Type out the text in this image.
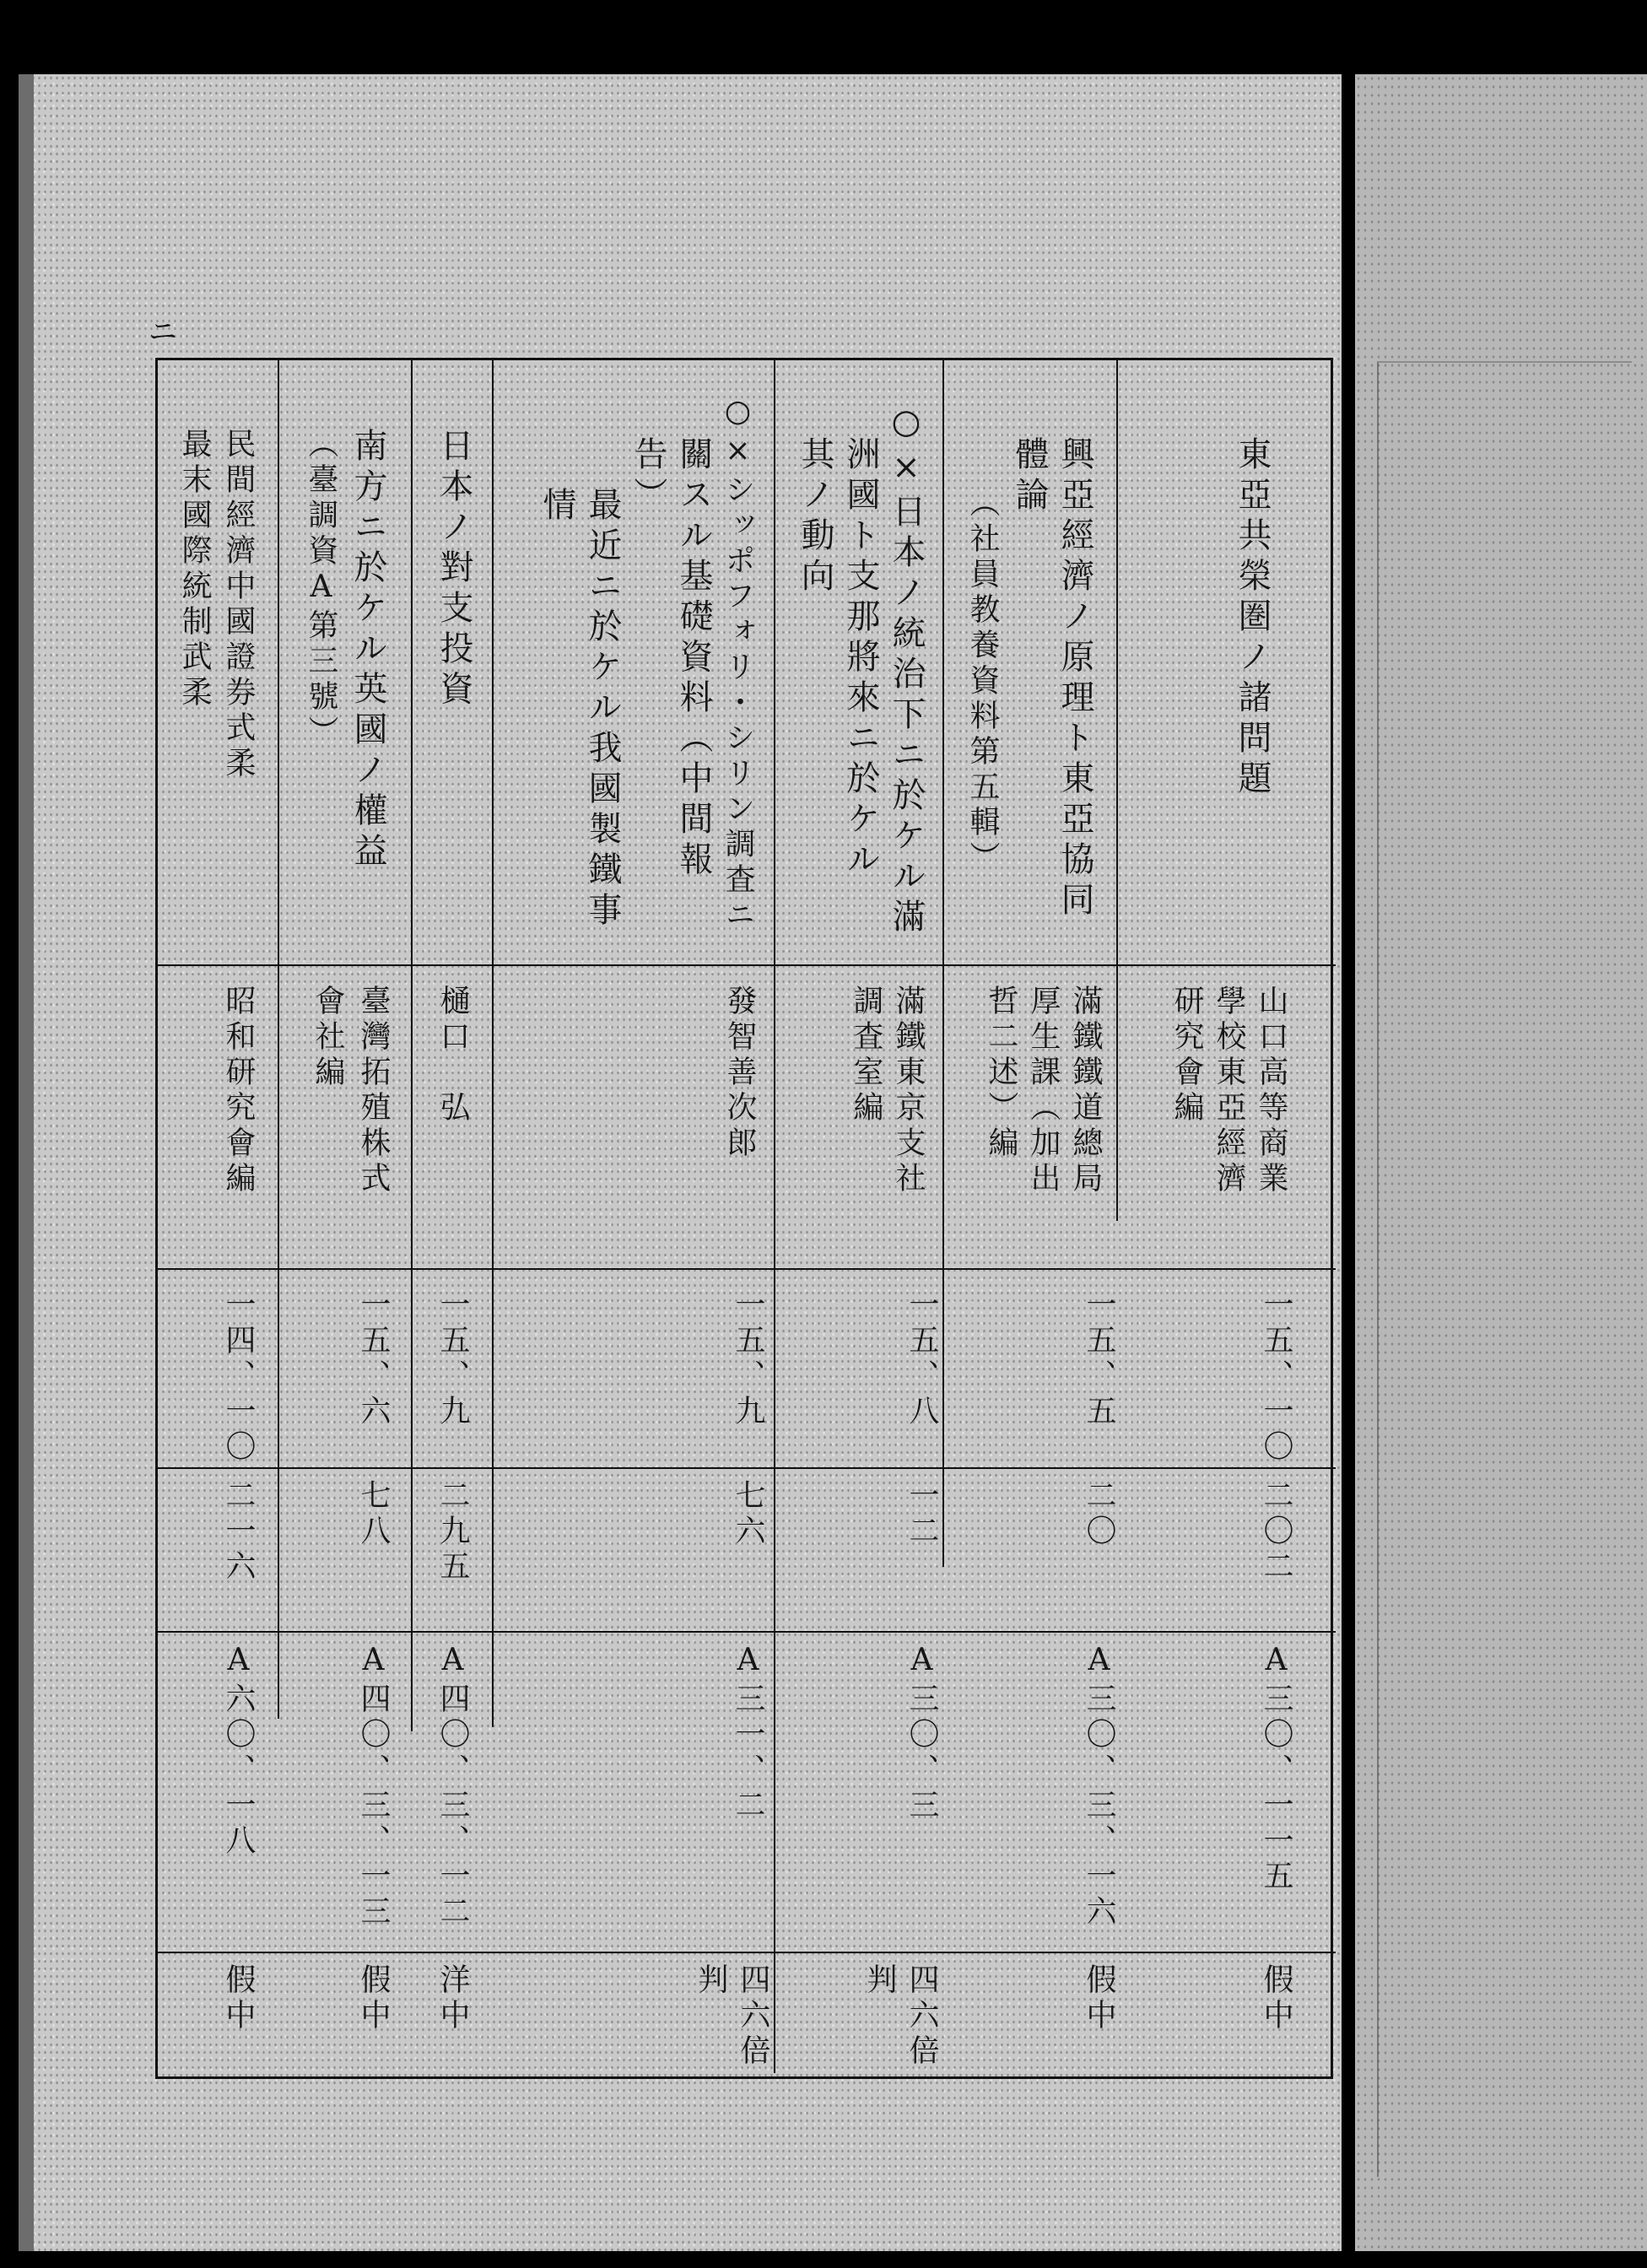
ニ
東亞共榮圏ノ諸問題
山口高等商業
學校東亞經濟
研究會編
一五、一〇
二〇二
A三〇、一一五
假中
興亞經濟ノ原理ト東亞協同
體論
（社員教養資料第五輯）
滿鐵鐵道總局
厚生課（加出
哲二述）編
一五、五
二〇
A三〇、三、一六
假中
○×日本ノ統治下ニ於ケル滿
洲國ト支那將來ニ於ケル
其ノ動向
滿鐵東京支社
調査室編
一五、八
一二
A三〇、三
四六倍
判
○×シッポフォリ・シリン調査ニ
關スル基礎資料（中間報
告）
最近ニ於ケル我國製鐵事
情
發智善次郎
一五、九
七六
A三一、二
四六倍
判
日本ノ對支投資
樋口　弘
一五、九
二九五
A四〇、三、一二
洋中
南方ニ於ケル英國ノ權益
（臺調資A第三號）
臺灣拓殖株式
會社編
一五、六
七八
A四〇、三、一三
假中
民間經濟中國證券式柔
最末國際統制武柔
昭和研究會編
一四、一〇
二一六
A六〇、一八
假中
